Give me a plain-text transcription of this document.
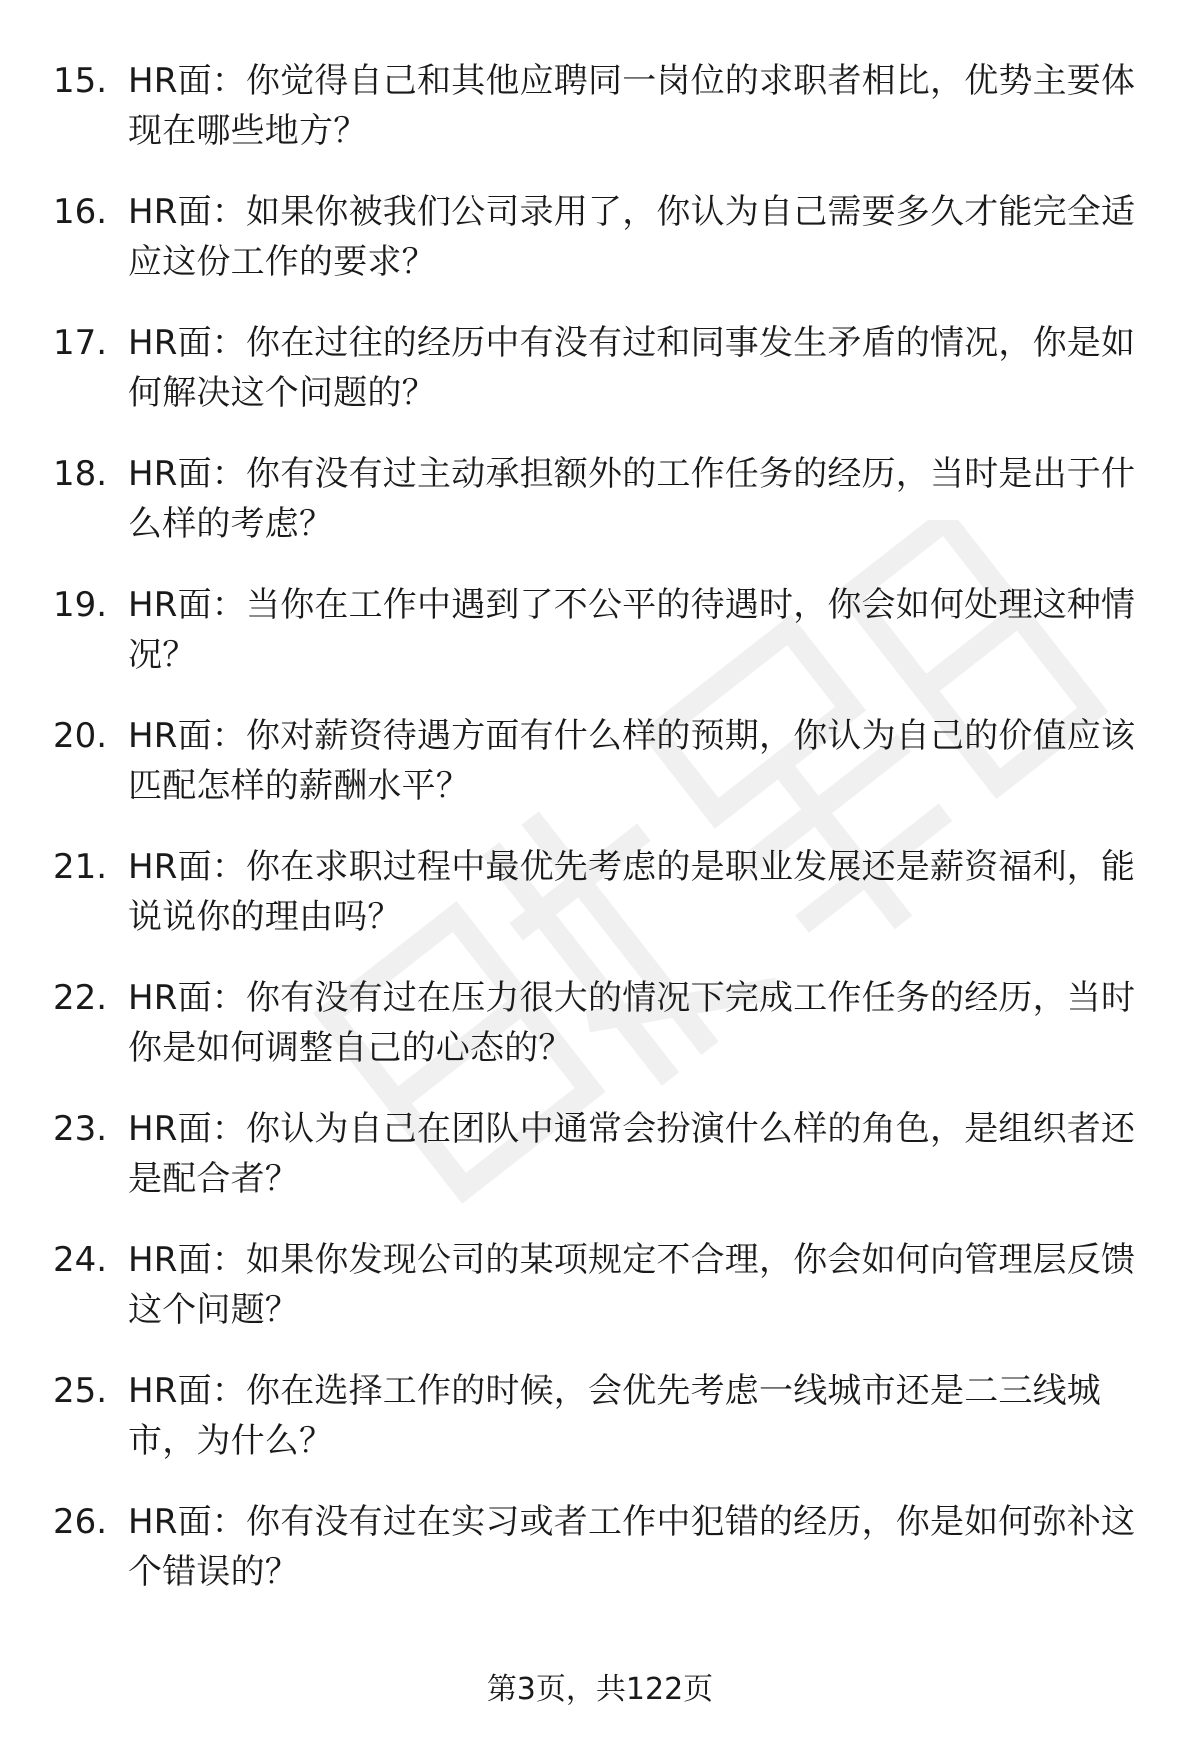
15. HR面：你觉得自己和其他应聘同一岗位的求职者相比，优势主要体现在哪些地方？
16. HR面：如果你被我们公司录用了，你认为自己需要多久才能完全适应这份工作的要求？
17. HR面：你在过往的经历中有没有过和同事发生矛盾的情况，你是如何解决这个问题的？
18. HR面：你有没有过主动承担额外的工作任务的经历，当时是出于什么样的考虑？
19. HR面：当你在工作中遇到了不公平的待遇时，你会如何处理这种情况？
20. HR面：你对薪资待遇方面有什么样的预期，你认为自己的价值应该匹配怎样的薪酬水平？
21. HR面：你在求职过程中最优先考虑的是职业发展还是薪资福利，能说说你的理由吗？
22. HR面：你有没有过在压力很大的情况下完成工作任务的经历，当时你是如何调整自己的心态的？
23. HR面：你认为自己在团队中通常会扮演什么样的角色，是组织者还是配合者？
24. HR面：如果你发现公司的某项规定不合理，你会如何向管理层反馈这个问题？
25. HR面：你在选择工作的时候，会优先考虑一线城市还是二三线城市，为什么？
26. HR面：你有没有过在实习或者工作中犯错的经历，你是如何弥补这个错误的？
第3页，共122页
